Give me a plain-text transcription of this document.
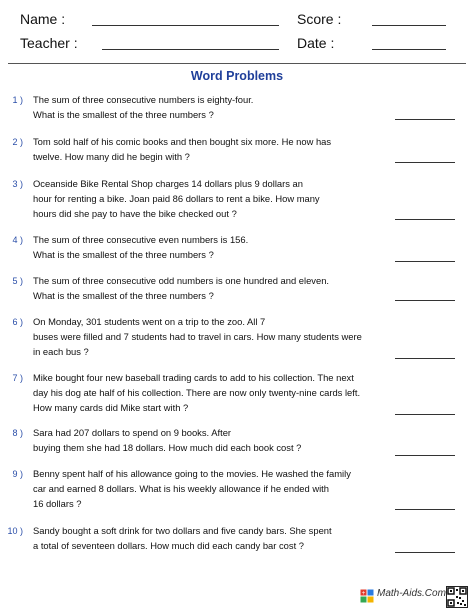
Name :	Score :
Teacher :	Date :
Word Problems
1 ) The sum of three consecutive numbers is eighty-four.
What is the smallest of the three numbers ?
2 ) Tom sold half of his comic books and then bought six more. He now has
twelve. How many did he begin with ?
3 ) Oceanside Bike Rental Shop charges 14 dollars plus 9 dollars an
hour for renting a bike. Joan paid 86 dollars to rent a bike. How many
hours did she pay to have the bike checked out ?
4 ) The sum of three consecutive even numbers is 156.
What is the smallest of the three numbers ?
5 ) The sum of three consecutive odd numbers is one hundred and eleven.
What is the smallest of the three numbers ?
6 ) On Monday, 301 students went on a trip to the zoo. All 7
buses were filled and 7 students had to travel in cars. How many students were
in each bus ?
7 ) Mike bought four new baseball trading cards to add to his collection. The next
day his dog ate half of his collection. There are now only twenty-nine cards left.
How many cards did Mike start with ?
8 ) Sara had 207 dollars to spend on 9 books. After
buying them she had 18 dollars. How much did each book cost ?
9 ) Benny spent half of his allowance going to the movies. He washed the family
car and earned 8 dollars. What is his weekly allowance if he ended with
16 dollars ?
10 ) Sandy bought a soft drink for two dollars and five candy bars. She spent
a total of seventeen dollars. How much did each candy bar cost ?
+ Math-Aids.Com
